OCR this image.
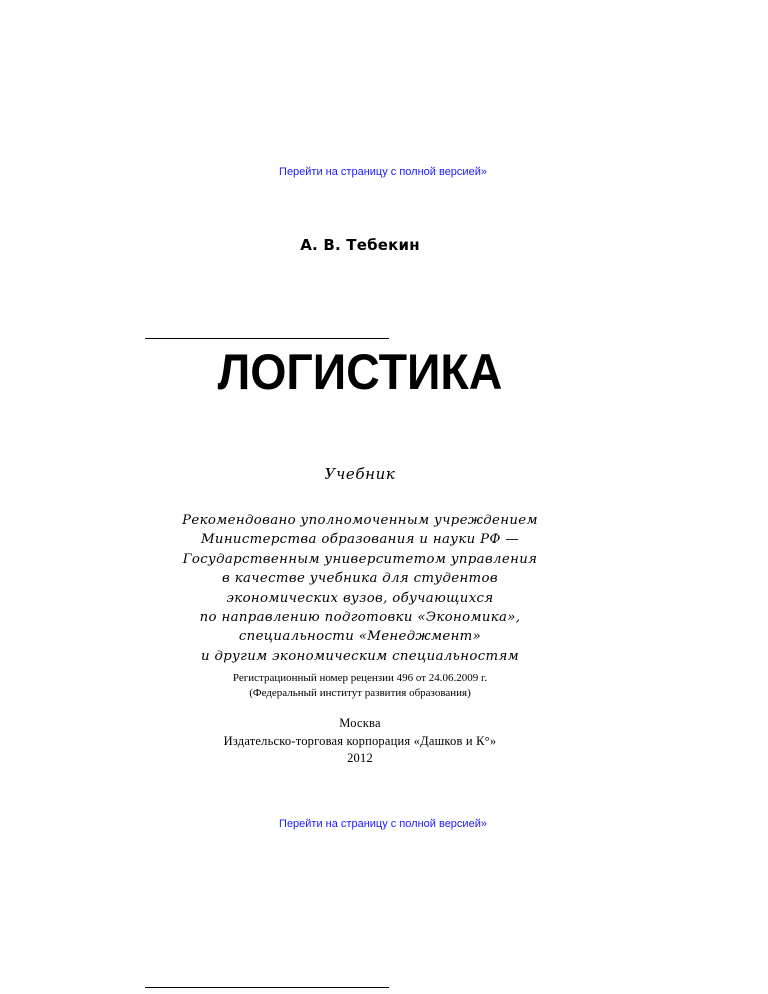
Перейти на страницу с полной версией»
А. В. Тебекин
ЛОГИСТИКА
Учебник
Рекомендовано уполномоченным учреждением
Министерства образования и науки РФ —
Государственным университетом управления
в качестве учебника для студентов
экономических вузов, обучающихся
по направлению подготовки «Экономика»,
специальности «Менеджмент»
и другим экономическим специальностям
Регистрационный номер рецензии 496 от 24.06.2009 г.
(Федеральный институт развития образования)
Москва
Издательско-торговая корпорация «Дашков и К°»
2012
Перейти на страницу с полной версией»
